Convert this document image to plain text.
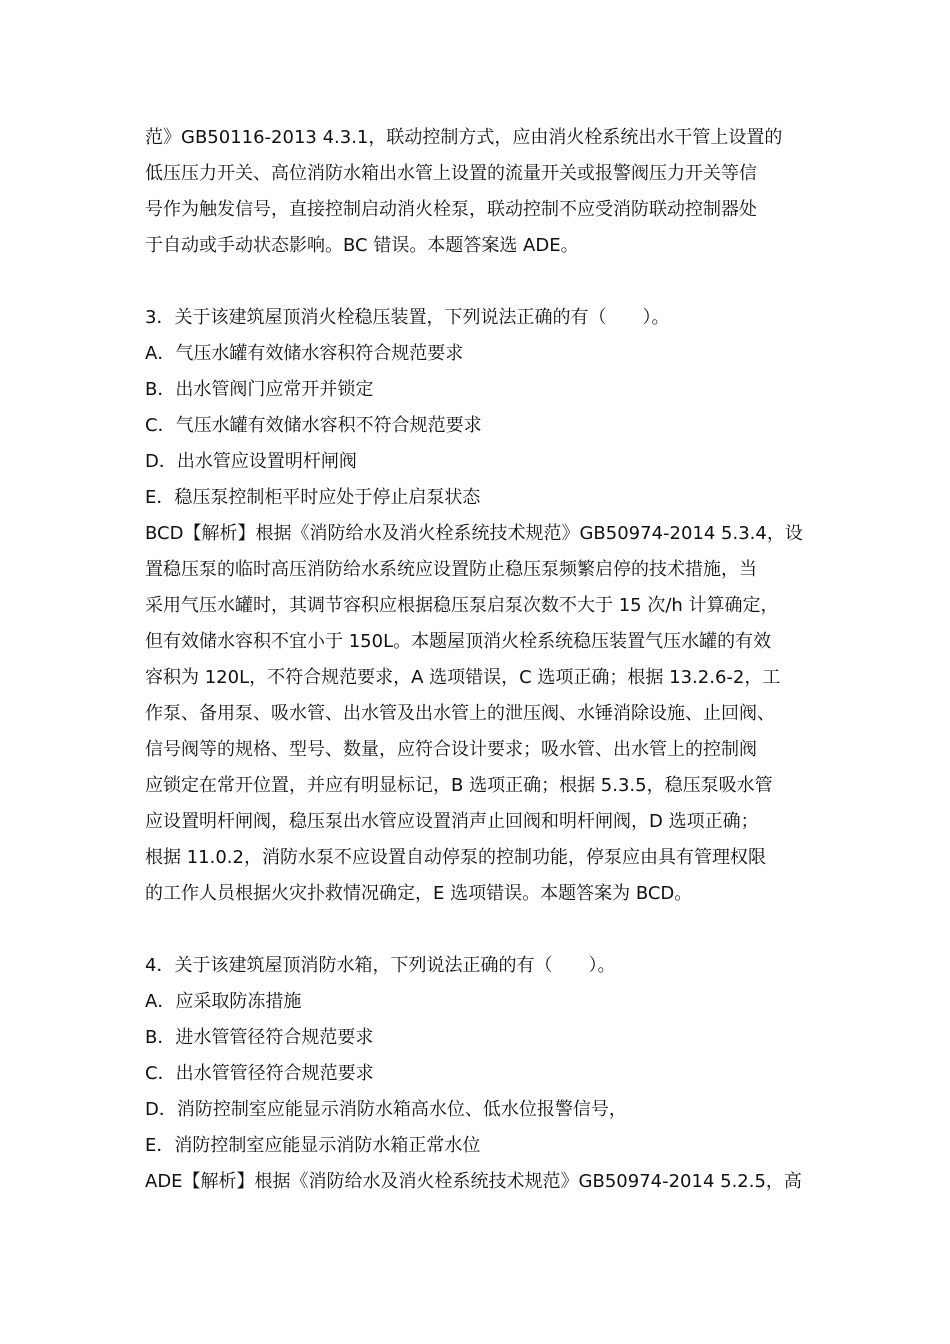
范》GB50116-2013 4.3.1，联动控制方式，应由消火栓系统出水干管上设置的
低压压力开关、高位消防水箱出水管上设置的流量开关或报警阀压力开关等信
号作为触发信号，直接控制启动消火栓泵，联动控制不应受消防联动控制器处
于自动或手动状态影响。BC 错误。本题答案选 ADE。
3．关于该建筑屋顶消火栓稳压装置，下列说法正确的有（　　）。
A．气压水罐有效储水容积符合规范要求
B．出水管阀门应常开并锁定
C．气压水罐有效储水容积不符合规范要求
D．出水管应设置明杆闸阀
E．稳压泵控制柜平时应处于停止启泵状态
BCD【解析】根据《消防给水及消火栓系统技术规范》GB50974-2014 5.3.4，设
置稳压泵的临时高压消防给水系统应设置防止稳压泵频繁启停的技术措施，当
采用气压水罐时，其调节容积应根据稳压泵启泵次数不大于 15 次/h 计算确定，
但有效储水容积不宜小于 150L。本题屋顶消火栓系统稳压装置气压水罐的有效
容积为 120L，不符合规范要求，A 选项错误，C 选项正确；根据 13.2.6-2，工
作泵、备用泵、吸水管、出水管及出水管上的泄压阀、水锤消除设施、止回阀、
信号阀等的规格、型号、数量，应符合设计要求；吸水管、出水管上的控制阀
应锁定在常开位置，并应有明显标记，B 选项正确；根据 5.3.5，稳压泵吸水管
应设置明杆闸阀，稳压泵出水管应设置消声止回阀和明杆闸阀，D 选项正确；
根据 11.0.2，消防水泵不应设置自动停泵的控制功能，停泵应由具有管理权限
的工作人员根据火灾扑救情况确定，E 选项错误。本题答案为 BCD。
4．关于该建筑屋顶消防水箱，下列说法正确的有（　　）。
A．应采取防冻措施
B．进水管管径符合规范要求
C．出水管管径符合规范要求
D．消防控制室应能显示消防水箱高水位、低水位报警信号，
E．消防控制室应能显示消防水箱正常水位
ADE【解析】根据《消防给水及消火栓系统技术规范》GB50974-2014 5.2.5，高
